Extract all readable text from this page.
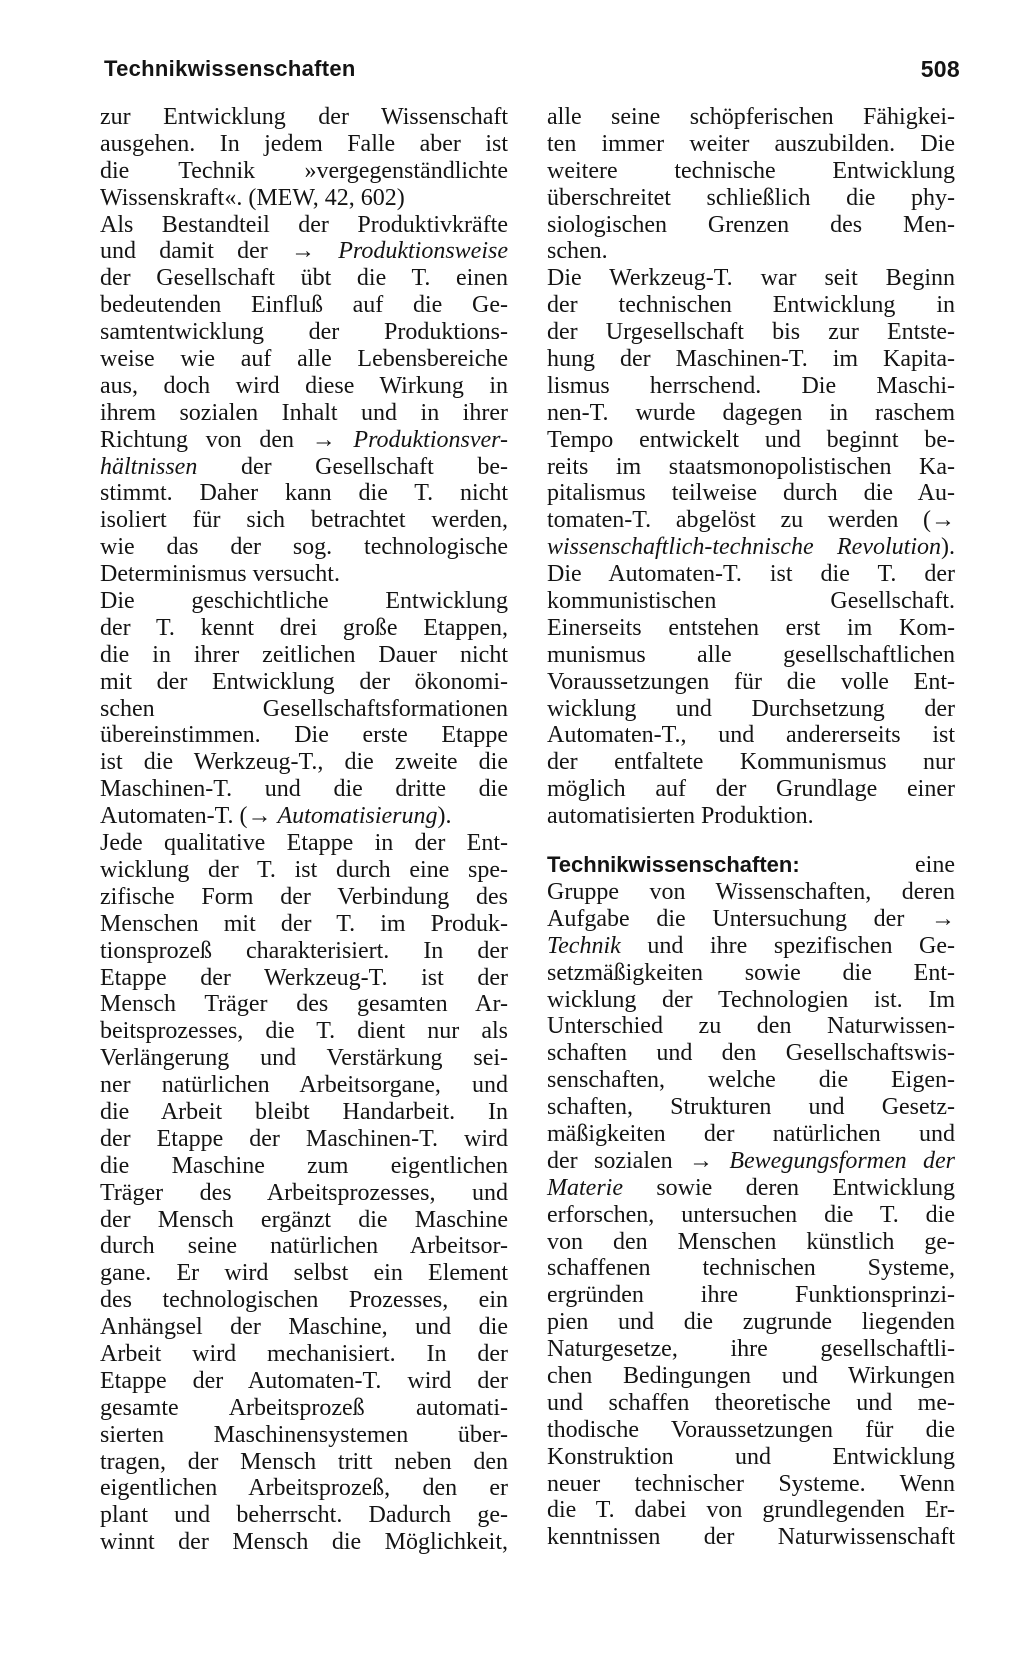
Technikwissenschaften	508
zur Entwicklung der Wissenschaft
ausgehen. In jedem Falle aber ist
die Technik »vergegenständlichte
Wissenskraft«. (MEW, 42, 602)
Als Bestandteil der Produktivkräfte
und damit der → Produktionsweise
der Gesellschaft übt die T. einen
bedeutenden Einfluß auf die Ge-
samtentwicklung der Produktions-
weise wie auf alle Lebensbereiche
aus, doch wird diese Wirkung in
ihrem sozialen Inhalt und in ihrer
Richtung von den → Produktionsver-
hältnissen der Gesellschaft be-
stimmt. Daher kann die T. nicht
isoliert für sich betrachtet werden,
wie das der sog. technologische
Determinismus versucht.
Die geschichtliche Entwicklung
der T. kennt drei große Etappen,
die in ihrer zeitlichen Dauer nicht
mit der Entwicklung der ökonomi-
schen Gesellschaftsformationen
übereinstimmen. Die erste Etappe
ist die Werkzeug-T., die zweite die
Maschinen-T. und die dritte die
Automaten-T. (→ Automatisierung).
Jede qualitative Etappe in der Ent-
wicklung der T. ist durch eine spe-
zifische Form der Verbindung des
Menschen mit der T. im Produk-
tionsprozeß charakterisiert. In der
Etappe der Werkzeug-T. ist der
Mensch Träger des gesamten Ar-
beitsprozesses, die T. dient nur als
Verlängerung und Verstärkung sei-
ner natürlichen Arbeitsorgane, und
die Arbeit bleibt Handarbeit. In
der Etappe der Maschinen-T. wird
die Maschine zum eigentlichen
Träger des Arbeitsprozesses, und
der Mensch ergänzt die Maschine
durch seine natürlichen Arbeitsor-
gane. Er wird selbst ein Element
des technologischen Prozesses, ein
Anhängsel der Maschine, und die
Arbeit wird mechanisiert. In der
Etappe der Automaten-T. wird der
gesamte Arbeitsprozeß automati-
sierten Maschinensystemen über-
tragen, der Mensch tritt neben den
eigentlichen Arbeitsprozeß, den er
plant und beherrscht. Dadurch ge-
winnt der Mensch die Möglichkeit,
alle seine schöpferischen Fähigkei-
ten immer weiter auszubilden. Die
weitere technische Entwicklung
überschreitet schließlich die phy-
siologischen Grenzen des Men-
schen.
Die Werkzeug-T. war seit Beginn
der technischen Entwicklung in
der Urgesellschaft bis zur Entste-
hung der Maschinen-T. im Kapita-
lismus herrschend. Die Maschi-
nen-T. wurde dagegen in raschem
Tempo entwickelt und beginnt be-
reits im staatsmonopolistischen Ka-
pitalismus teilweise durch die Au-
tomaten-T. abgelöst zu werden (→
wissenschaftlich-technische Revolution).
Die Automaten-T. ist die T. der
kommunistischen Gesellschaft.
Einerseits entstehen erst im Kom-
munismus alle gesellschaftlichen
Voraussetzungen für die volle Ent-
wicklung und Durchsetzung der
Automaten-T., und andererseits ist
der entfaltete Kommunismus nur
möglich auf der Grundlage einer
automatisierten Produktion.
Technikwissenschaften:	eine
Gruppe von Wissenschaften, deren
Aufgabe die Untersuchung der →
Technik und ihre spezifischen Ge-
setzmäßigkeiten sowie die Ent-
wicklung der Technologien ist. Im
Unterschied zu den Naturwissen-
schaften und den Gesellschaftswis-
senschaften, welche die Eigen-
schaften, Strukturen und Gesetz-
mäßigkeiten der natürlichen und
der sozialen → Bewegungsformen der
Materie sowie deren Entwicklung
erforschen, untersuchen die T. die
von den Menschen künstlich ge-
schaffenen technischen Systeme,
ergründen ihre Funktionsprinzi-
pien und die zugrunde liegenden
Naturgesetze, ihre gesellschaftli-
chen Bedingungen und Wirkungen
und schaffen theoretische und me-
thodische Voraussetzungen für die
Konstruktion und Entwicklung
neuer technischer Systeme. Wenn
die T. dabei von grundlegenden Er-
kenntnissen der Naturwissenschaft
